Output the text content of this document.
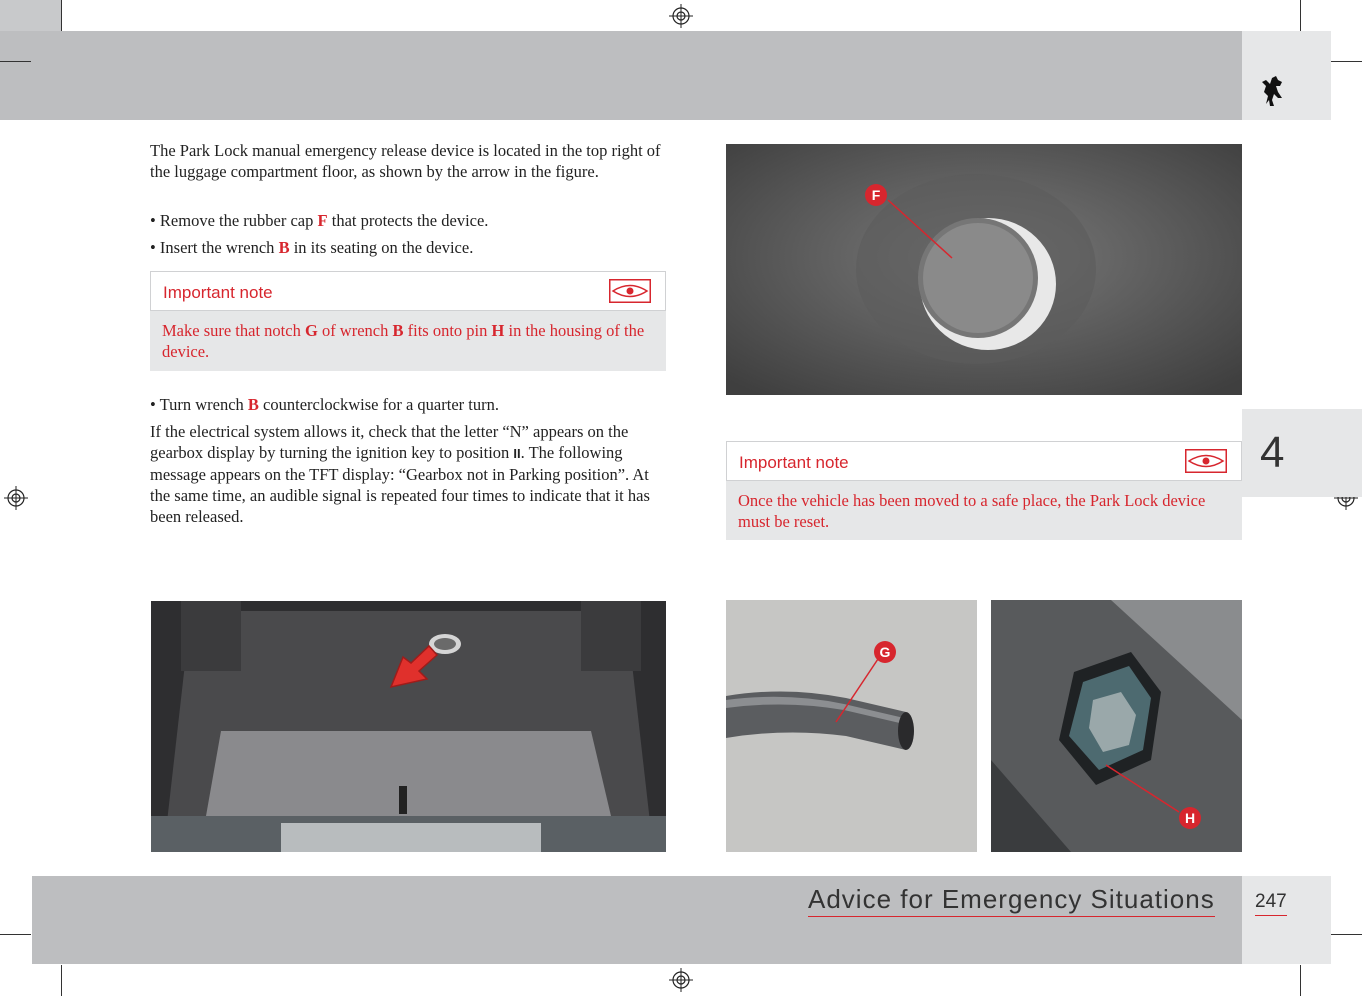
4
The Park Lock manual emergency release device is located in the top right of the luggage compartment floor, as shown by the arrow in the figure.
• Remove the rubber cap F that protects the device.
• Insert the wrench B in its seating on the device.
Important note
Make sure that notch G of wrench B fits onto pin H in the housing of the device.
• Turn wrench B counterclockwise for a quarter turn.
If the electrical system allows it, check that the letter “N” appears on the gearbox display by turning the ignition key to position II. The following message appears on the TFT display: “Gearbox not in Parking position”. At the same time, an audible signal is repeated four times to indicate that it has been released.
F
Important note
Once the vehicle has been moved to a safe place, the Park Lock device must be reset.
G
H
Advice for Emergency Situations 247
